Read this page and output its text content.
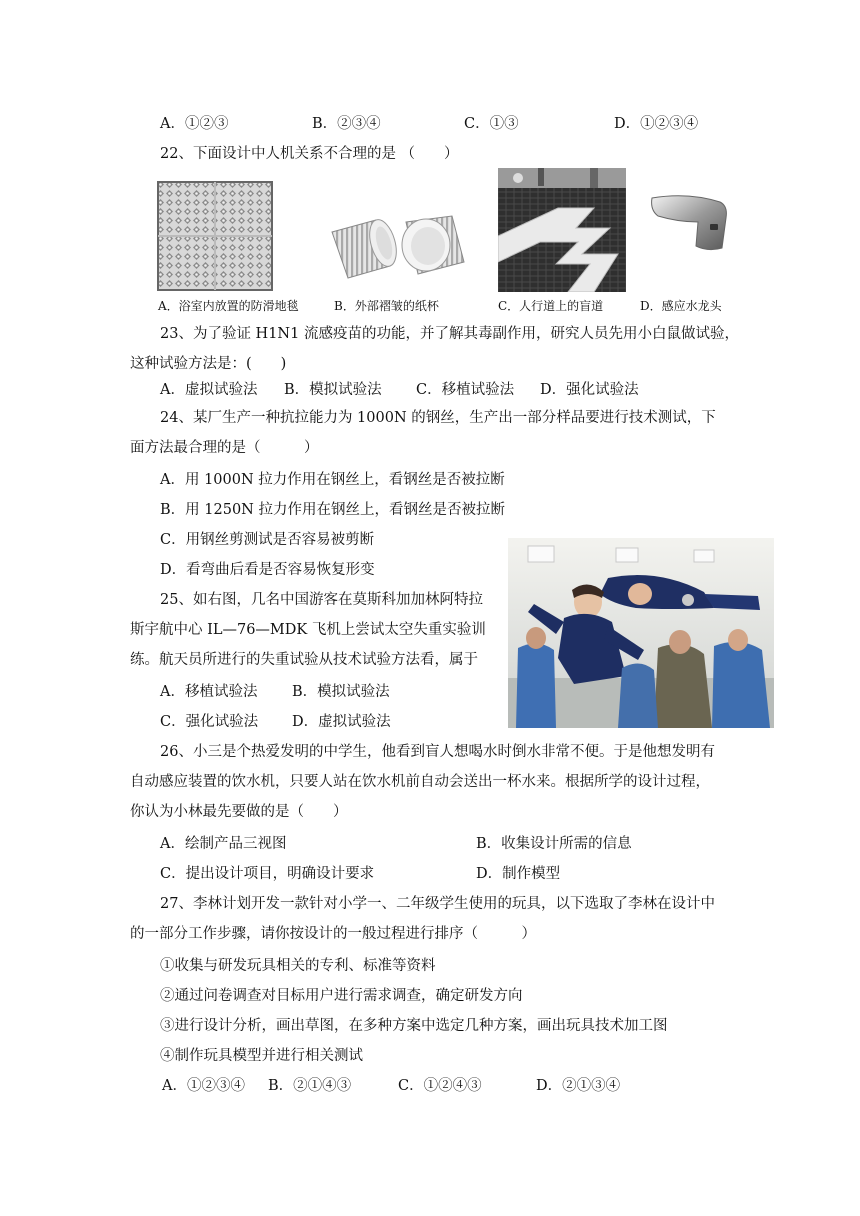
A．①②③	B．②③④	C．①③	D．①②③④
22、下面设计中人机关系不合理的是 （　　）
A．浴室内放置的防滑地毯	B．外部褶皱的纸杯	C．人行道上的盲道	D．感应水龙头
23、为了验证 H1N1 流感疫苗的功能，并了解其毒副作用，研究人员先用小白鼠做试验，
这种试验方法是：(　　)
A．虚拟试验法 B．模拟试验法 C．移植试验法 D．强化试验法
24、某厂生产一种抗拉能力为 1000N 的钢丝，生产出一部分样品要进行技术测试，下
面方法最合理的是（　　　）
A．用 1000N 拉力作用在钢丝上，看钢丝是否被拉断
B．用 1250N 拉力作用在钢丝上，看钢丝是否被拉断
C．用钢丝剪测试是否容易被剪断
D．看弯曲后看是否容易恢复形变
25、如右图，几名中国游客在莫斯科加加林阿特拉
斯宇航中心 IL—76—MDK 飞机上尝试太空失重实验训
练。航天员所进行的失重试验从技术试验方法看，属于
A．移植试验法 B．模拟试验法
C．强化试验法 D．虚拟试验法
26、小三是个热爱发明的中学生，他看到盲人想喝水时倒水非常不便。于是他想发明有
自动感应装置的饮水机，只要人站在饮水机前自动会送出一杯水来。根据所学的设计过程，
你认为小林最先要做的是（　　）
A．绘制产品三视图	B．收集设计所需的信息
C．提出设计项目，明确设计要求	D．制作模型
27、李林计划开发一款针对小学一、二年级学生使用的玩具，以下选取了李林在设计中
的一部分工作步骤，请你按设计的一般过程进行排序（　　　）
①收集与研发玩具相关的专利、标准等资料
②通过问卷调查对目标用户进行需求调查，确定研发方向
③进行设计分析，画出草图，在多种方案中选定几种方案，画出玩具技术加工图
④制作玩具模型并进行相关测试
A．①②③④ B．②①④③	C．①②④③	D．②①③④
